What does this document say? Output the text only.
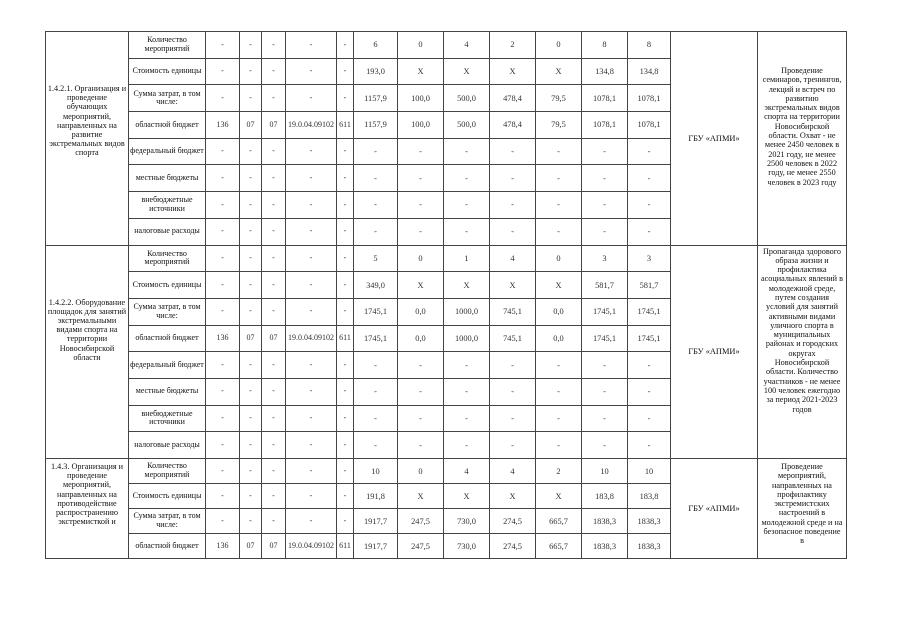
1.4.2.1. Организация и проведение обучающих мероприятий, направленных на развитие экстремальных видов спорта	Количество мероприятий	-	-	-	-	-	6	0	4	2	0	8	8	ГБУ «АПМИ»	Проведение семинаров, тренингов, лекций и встреч по развитию экстремальных видов спорта на территории Новосибирской области. Охват - не менее 2450 человек в 2021 году, не менее 2500 человек в 2022 году, не менее 2550 человек в 2023 году
	Стоимость единицы	-	-	-	-	-	193,0	X	X	X	X	134,8	134,8		
	Сумма затрат, в том числе:	-	-	-	-	-	1157,9	100,0	500,0	478,4	79,5	1078,1	1078,1		
	областной бюджет	136	07	07	19.0.04.09102	611	1157,9	100,0	500,0	478,4	79,5	1078,1	1078,1		
	федеральный бюджет	-	-	-	-	-	-	-	-	-	-	-	-		
	местные бюджеты	-	-	-	-	-	-	-	-	-	-	-	-		
	внебюджетные источники	-	-	-	-	-	-	-	-	-	-	-	-		
	налоговые расходы	-	-	-	-	-	-	-	-	-	-	-	-		
1.4.2.2. Оборудование площадок для занятий экстремальными видами спорта на территории Новосибирской области	Количество мероприятий	-	-	-	-	-	5	0	1	4	0	3	3	ГБУ «АПМИ»	Пропаганда здорового образа жизни и профилактика асоциальных явлений в молодежной среде, путем создания условий для занятий активными видами уличного спорта в муниципальных районах и городских округах Новосибирской области. Количество участников - не менее 100 человек ежегодно за период 2021-2023 годов
	Стоимость единицы	-	-	-	-	-	349,0	X	X	X	X	581,7	581,7		
	Сумма затрат, в том числе:	-	-	-	-	-	1745,1	0,0	1000,0	745,1	0,0	1745,1	1745,1		
	областной бюджет	136	07	07	19.0.04.09102	611	1745,1	0,0	1000,0	745,1	0,0	1745,1	1745,1		
	федеральный бюджет	-	-	-	-	-	-	-	-	-	-	-	-		
	местные бюджеты	-	-	-	-	-	-	-	-	-	-	-	-		
	внебюджетные источники	-	-	-	-	-	-	-	-	-	-	-	-		
	налоговые расходы	-	-	-	-	-	-	-	-	-	-	-	-		
1.4.3. Организация и проведение мероприятий, направленных на противодействие распространению экстремисткой и	Количество мероприятий	-	-	-	-	-	10	0	4	4	2	10	10	ГБУ «АПМИ»	Проведение мероприятий, направленных на профилактику экстремистских настроений в молодежной среде и на безопасное поведение в
	Стоимость единицы	-	-	-	-	-	191,8	X	X	X	X	183,8	183,8		
	Сумма затрат, в том числе:	-	-	-	-	-	1917,7	247,5	730,0	274,5	665,7	1838,3	1838,3		
	областной бюджет	136	07	07	19.0.04.09102	611	1917,7	247,5	730,0	274,5	665,7	1838,3	1838,3		
